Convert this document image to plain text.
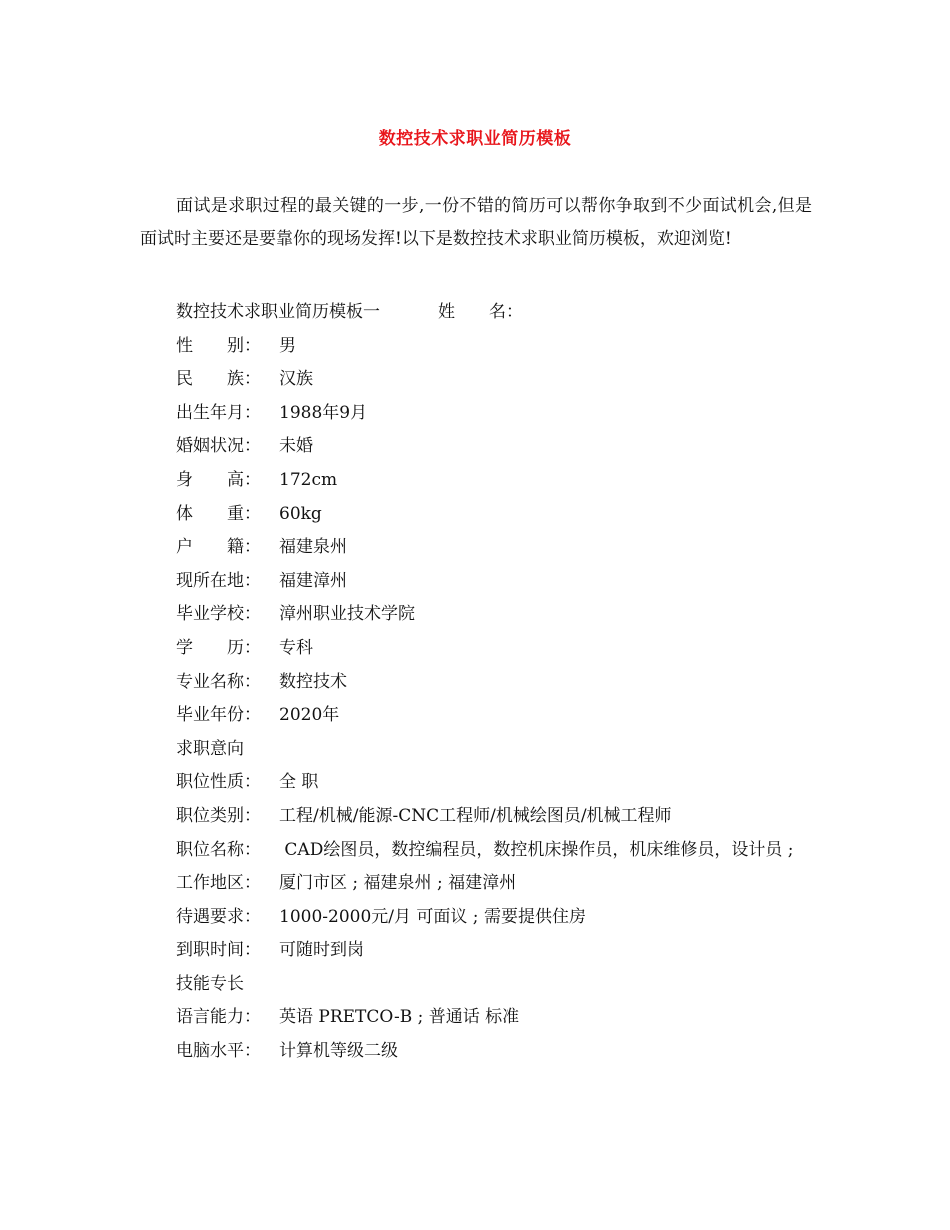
数控技术求职业简历模板
面试是求职过程的最关键的一步,一份不错的简历可以帮你争取到不少面试机会,但是面试时主要还是要靠你的现场发挥!以下是数控技术求职业简历模板，欢迎浏览!
数控技术求职业简历模板一	姓　　名：
性　　别： 男
民　　族： 汉族
出生年月： 1988年9月
婚姻状况： 未婚
身　　高： 172cm
体　　重： 60kg
户　　籍： 福建泉州
现所在地： 福建漳州
毕业学校： 漳州职业技术学院
学　　历： 专科
专业名称： 数控技术
毕业年份： 2020年
求职意向
职位性质： 全 职
职位类别： 工程/机械/能源-CNC工程师/机械绘图员/机械工程师
职位名称： CAD绘图员，数控编程员，数控机床操作员，机床维修员，设计员 ;
工作地区： 厦门市区 ; 福建泉州 ; 福建漳州
待遇要求： 1000-2000元/月 可面议 ; 需要提供住房
到职时间： 可随时到岗
技能专长
语言能力： 英语 PRETCO-B ; 普通话 标准
电脑水平： 计算机等级二级
